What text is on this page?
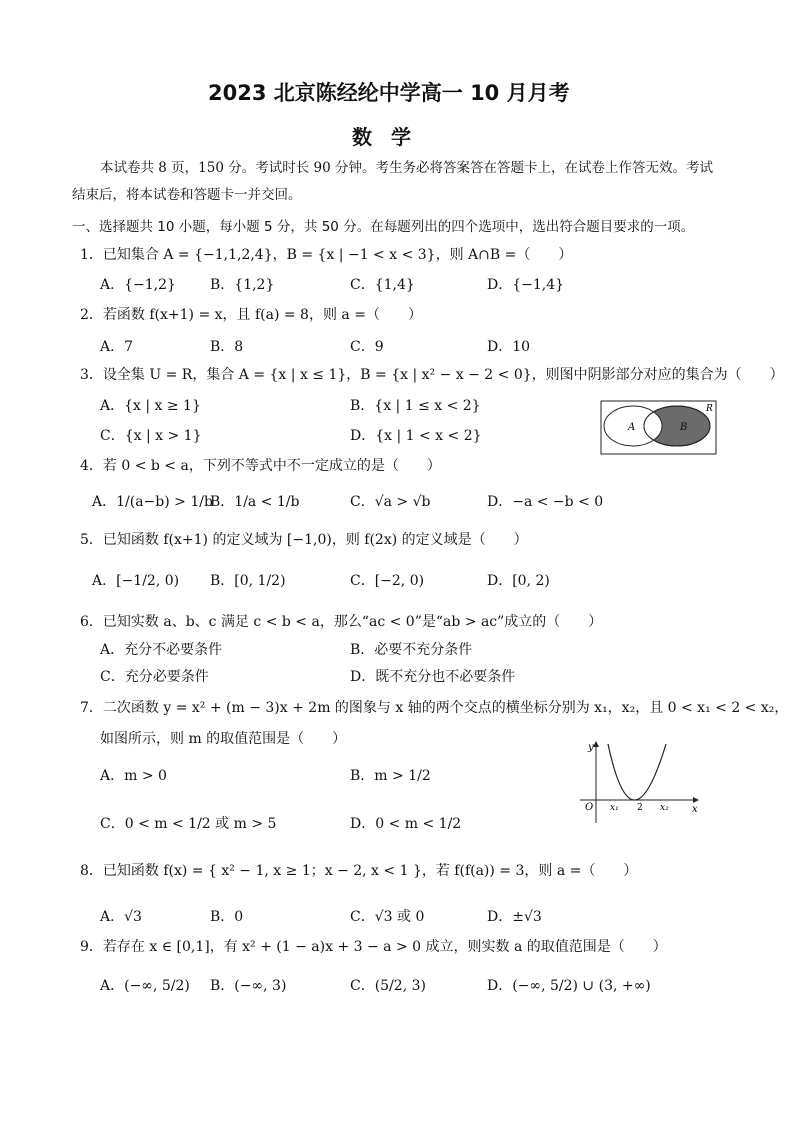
2023 北京陈经纶中学高一 10 月月考
数 学
本试卷共 8 页，150 分。考试时长 90 分钟。考生务必将答案答在答题卡上，在试卷上作答无效。考试
结束后，将本试卷和答题卡一并交回。
一、选择题共 10 小题，每小题 5 分，共 50 分。在每题列出的四个选项中，选出符合题目要求的一项。
1．已知集合 A = {−1,1,2,4}，B = {x | −1 < x < 3}，则 A∩B =（　　）
A．{−1,2} B．{1,2}	C．{1,4}	D．{−1,4}
2．若函数 f(x+1) = x，且 f(a) = 8，则 a =（　　）
A．7	B．8	C．9	D．10
3．设全集 U = R，集合 A = {x | x ≤ 1}，B = {x | x² − x − 2 < 0}，则图中阴影部分对应的集合为（　　）
A．{x | x ≥ 1}	B．{x | 1 ≤ x < 2}
C．{x | x > 1}	D．{x | 1 < x < 2}
A	B
R
4．若 0 < b < a，下列不等式中不一定成立的是（　　）
A．1/(a−b) > 1/b
B．1/a < 1/b	C．√a > √b	D．−a < −b < 0
5．已知函数 f(x+1) 的定义域为 [−1,0)，则 f(2x) 的定义域是（　　）
A．[−1/2, 0) B．[0, 1/2)	C．[−2, 0)	D．[0, 2)
6．已知实数 a、b、c 满足 c < b < a，那么“ac < 0”是“ab > ac”成立的（　　）
A．充分不必要条件	B．必要不充分条件
C．充分必要条件	D．既不充分也不必要条件
7．二次函数 y = x² + (m − 3)x + 2m 的图象与 x 轴的两个交点的横坐标分别为 x₁，x₂，且 0 < x₁ < 2 < x₂，
如图所示，则 m 的取值范围是（　　）
A．m > 0	B．m > 1/2
C．0 < m < 1/2 或 m > 5	D．0 < m < 1/2
y
x
O x₁ 2 x₂
8．已知函数 f(x) = { x² − 1, x ≥ 1；x − 2, x < 1 }，若 f(f(a)) = 3，则 a =（　　）
A．√3	B．0	C．√3 或 0	D．±√3
9．若存在 x ∈ [0,1]，有 x² + (1 − a)x + 3 − a > 0 成立，则实数 a 的取值范围是（　　）
A．(−∞, 5/2) B．(−∞, 3)	C．(5/2, 3)	D．(−∞, 5/2) ∪ (3, +∞)
